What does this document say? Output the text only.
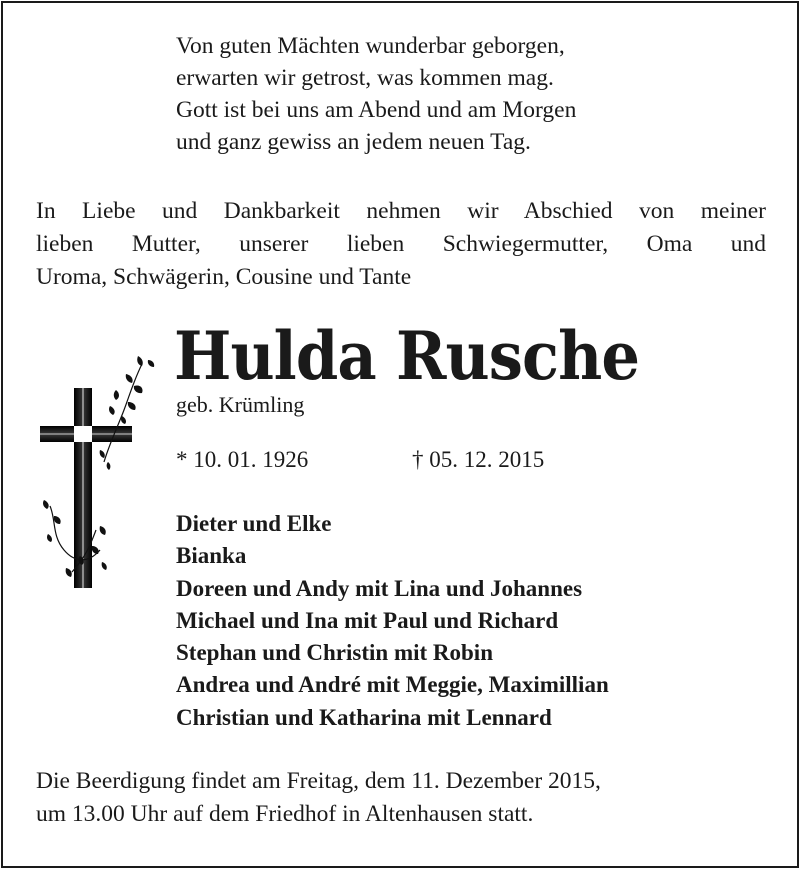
Von guten Mächten wunderbar geborgen,
erwarten wir getrost, was kommen mag.
Gott ist bei uns am Abend und am Morgen
und ganz gewiss an jedem neuen Tag.
In Liebe und Dankbarkeit nehmen wir Abschied von meiner
lieben Mutter, unserer lieben Schwiegermutter, Oma und
Uroma, Schwägerin, Cousine und Tante
Hulda Rusche
geb. Krümling
* 10. 01. 1926	† 05. 12. 2015
Dieter und Elke
Bianka
Doreen und Andy mit Lina und Johannes
Michael und Ina mit Paul und Richard
Stephan und Christin mit Robin
Andrea und André mit Meggie, Maximillian
Christian und Katharina mit Lennard
Die Beerdigung findet am Freitag, dem 11. Dezember 2015,
um 13.00 Uhr auf dem Friedhof in Altenhausen statt.
